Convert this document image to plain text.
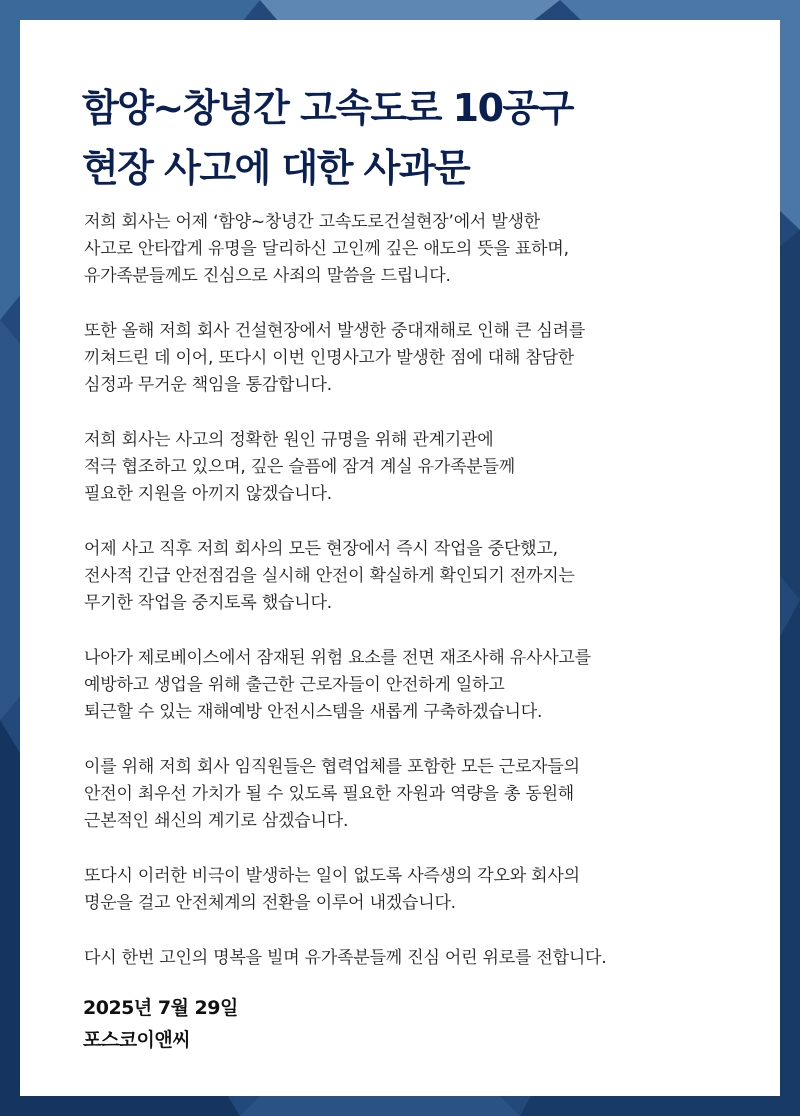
함양~창녕간 고속도로 10공구
현장 사고에 대한 사과문

저희 회사는 어제 ‘함양~창녕간 고속도로건설현장’에서 발생한
사고로 안타깝게 유명을 달리하신 고인께 깊은 애도의 뜻을 표하며,
유가족분들께도 진심으로 사죄의 말씀을 드립니다.

또한 올해 저희 회사 건설현장에서 발생한 중대재해로 인해 큰 심려를
끼쳐드린 데 이어, 또다시 이번 인명사고가 발생한 점에 대해 참담한
심정과 무거운 책임을 통감합니다.

저희 회사는 사고의 정확한 원인 규명을 위해 관계기관에
적극 협조하고 있으며, 깊은 슬픔에 잠겨 계실 유가족분들께
필요한 지원을 아끼지 않겠습니다.

어제 사고 직후 저희 회사의 모든 현장에서 즉시 작업을 중단했고,
전사적 긴급 안전점검을 실시해 안전이 확실하게 확인되기 전까지는
무기한 작업을 중지토록 했습니다.

나아가 제로베이스에서 잠재된 위험 요소를 전면 재조사해 유사사고를
예방하고 생업을 위해 출근한 근로자들이 안전하게 일하고
퇴근할 수 있는 재해예방 안전시스템을 새롭게 구축하겠습니다.

이를 위해 저희 회사 임직원들은 협력업체를 포함한 모든 근로자들의
안전이 최우선 가치가 될 수 있도록 필요한 자원과 역량을 총 동원해
근본적인 쇄신의 계기로 삼겠습니다.

또다시 이러한 비극이 발생하는 일이 없도록 사즉생의 각오와 회사의
명운을 걸고 안전체계의 전환을 이루어 내겠습니다.

다시 한번 고인의 명복을 빌며 유가족분들께 진심 어린 위로를 전합니다.

2025년 7월 29일
포스코이앤씨
